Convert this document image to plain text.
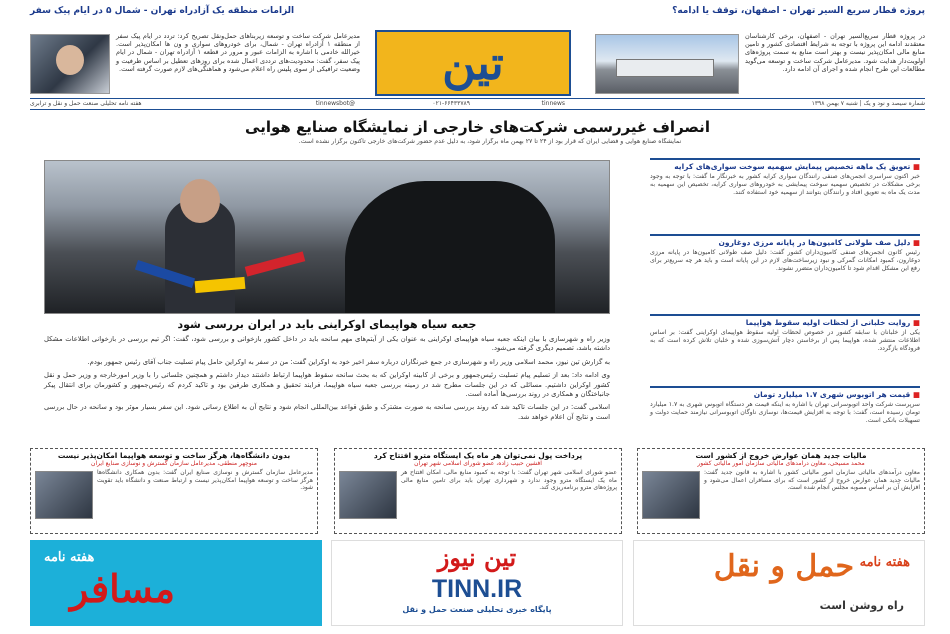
الزامات منطقه یک آزادراه تهران - شمال ۵ در ایام پیک سفر	پروژه قطار سریع السیر تهران - اصفهان، توقف یا ادامه؟
مدیرعامل شرکت ساخت و توسعه زیربناهای حمل‌ونقل تصریح کرد: تردد در ایام پیک سفر از منطقه ۱ آزادراه تهران - شمال، برای خودروهای سواری و ون ها امکان‌پذیر است. خیرالله خادمی با اشاره به الزامات عبور و مرور در قطعه ۱ آزادراه تهران - شمال در ایام پیک سفر، گفت: محدودیت‌های ترددی اعمال شده برای روزهای تعطیل بر اساس ظرفیت و وضعیت ترافیکی از سوی پلیس راه اعلام می‌شود و هماهنگی‌های لازم صورت گرفته است. تین	در پروژه قطار سریع‌السیر تهران - اصفهان، برخی کارشناسان معتقدند ادامه این پروژه با توجه به شرایط اقتصادی کشور و تامین منابع مالی امکان‌پذیر نیست و بهتر است منابع به سمت پروژه‌های اولویت‌دار هدایت شود. مدیرعامل شرکت ساخت و توسعه می‌گوید مطالعات این طرح انجام شده و اجرای آن ادامه دارد.
شماره سیصد و نود و یک | شنبه ۷ بهمن ۱۳۹۸
tinnews
۰۲۱-۶۶۴۳۳۷۸۹
@tinnewsbot
هفته نامه تحلیلی صنعت حمل و نقل و ترابری
انصراف غیررسمی شرکت‌های خارجی از نمایشگاه صنایع هوایی
نمایشگاه صنایع هوایی و فضایی ایران که قرار بود از ۲۴ تا ۲۷ بهمن ماه برگزار شود، به دلیل عدم حضور شرکت‌های خارجی تاکنون برگزار نشده است.
جعبه سیاه هواپیمای اوکراینی باید در ایران بررسی شود

وزیر راه و شهرسازی با بیان اینکه جعبه سیاه هواپیمای اوکراینی به عنوان یکی از آیتم‌های مهم سانحه باید در داخل کشور بازخوانی و بررسی شود، گفت: اگر تیم بررسی در بازخوانی اطلاعات مشکل داشته باشد، تصمیم دیگری گرفته می‌شود.

به گزارش تین نیوز، محمد اسلامی وزیر راه و شهرسازی در جمع خبرنگاران درباره سفر اخیر خود به اوکراین گفت: من در سفر به اوکراین حامل پیام تسلیت جناب آقای رئیس جمهور بودم.

وی ادامه داد: بعد از تسلیم پیام تسلیت رئیس‌جمهور و برخی از کابینه اوکراین که به بحث سانحه سقوط هواپیما ارتباط داشتند دیدار داشتم و همچنین جلساتی را با وزیر امورخارجه و وزیر حمل و نقل کشور اوکراین داشتیم. مسائلی که در این جلسات مطرح شد در زمینه بررسی جعبه سیاه هواپیما، فرایند تحقیق و همکاری طرفین بود و تاکید کردم که رئیس‌جمهور و کشورمان برای انتقال پیکر جانباختگان و همکاری در روند بررسی‌ها آماده است.

اسلامی گفت: در این جلسات تاکید شد که روند بررسی سانحه به صورت مشترک و طبق قواعد بین‌المللی انجام شود و نتایج آن به اطلاع رسانی شود. این سفر بسیار موثر بود و سانحه در حال بررسی است و نتایج آن اعلام خواهد شد.

■ تعویق یک ماهه تخصیص پیمایش سهمیه سوخت سواری‌های کرایه
خبر اکنون سراسری انجمن‌های صنفی رانندگان سواری کرایه کشور به خبرنگار ما گفت: با توجه به وجود برخی مشکلات در تخصیص سهمیه سوخت پیمایشی به خودروهای سواری کرایه، تخصیص این سهمیه به مدت یک ماه به تعویق افتاد و رانندگان بتوانند از سهمیه خود استفاده کنند.
■ دلیل صف طولانی کامیون‌ها در پایانه مرزی دوغارون
رئیس کانون انجمن‌های صنفی کامیون‌داران کشور گفت: دلیل صف طولانی کامیون‌ها در پایانه مرزی دوغارون، کمبود امکانات گمرکی و نبود زیرساخت‌های لازم در این پایانه است و باید هر چه سریع‌تر برای رفع این مشکل اقدام شود تا کامیون‌داران متضرر نشوند.
■ روایت خلبانی از لحظات اولیه سقوط هواپیما
یکی از خلبانان با سابقه کشور در خصوص لحظات اولیه سقوط هواپیمای اوکراینی گفت: بر اساس اطلاعات منتشر شده، هواپیما پس از برخاستن دچار آتش‌سوزی شده و خلبان تلاش کرده است که به فرودگاه بازگردد.
■ قیمت هر اتوبوس شهری ۱.۷ میلیارد تومان
سرپرست شرکت واحد اتوبوسرانی تهران با اشاره به اینکه قیمت هر دستگاه اتوبوس شهری به ۱.۷ میلیارد تومان رسیده است، گفت: با توجه به افزایش قیمت‌ها، نوسازی ناوگان اتوبوسرانی نیازمند حمایت دولت و تسهیلات بانکی است.
مالیات جدید همان عوارض خروج از کشور است
محمد مسیحی، معاون درآمدهای مالیاتی سازمان امور مالیاتی کشور
معاون درآمدهای مالیاتی سازمان امور مالیاتی کشور با اشاره به قانون جدید گفت: مالیات جدید همان عوارض خروج از کشور است که برای مسافران اعمال می‌شود و افزایش آن بر اساس مصوبه مجلس انجام شده است.
پرداخت پول نمی‌توان هر ماه یک ایستگاه مترو افتتاح کرد
افشین حبیب زاده، عضو شورای اسلامی شهر تهران
عضو شورای اسلامی شهر تهران گفت: با توجه به کمبود منابع مالی، امکان افتتاح هر ماه یک ایستگاه مترو وجود ندارد و شهرداری تهران باید برای تامین منابع مالی پروژه‌های مترو برنامه‌ریزی کند.
بدون دانشگاه‌ها، هرگز ساخت و توسعه هواپیما امکان‌پذیر نیست
منوچهر منطقی، مدیرعامل سازمان گسترش و نوسازی صنایع ایران
مدیرعامل سازمان گسترش و نوسازی صنایع ایران گفت: بدون همکاری دانشگاه‌ها هرگز ساخت و توسعه هواپیما امکان‌پذیر نیست و ارتباط صنعت و دانشگاه باید تقویت شود.
هفته نامه
مسافر
تین نیوز
TINN.IR
پایگاه خبری تحلیلی صنعت حمل و نقل
هفته نامه
حمل و نقل
راه روشن است
